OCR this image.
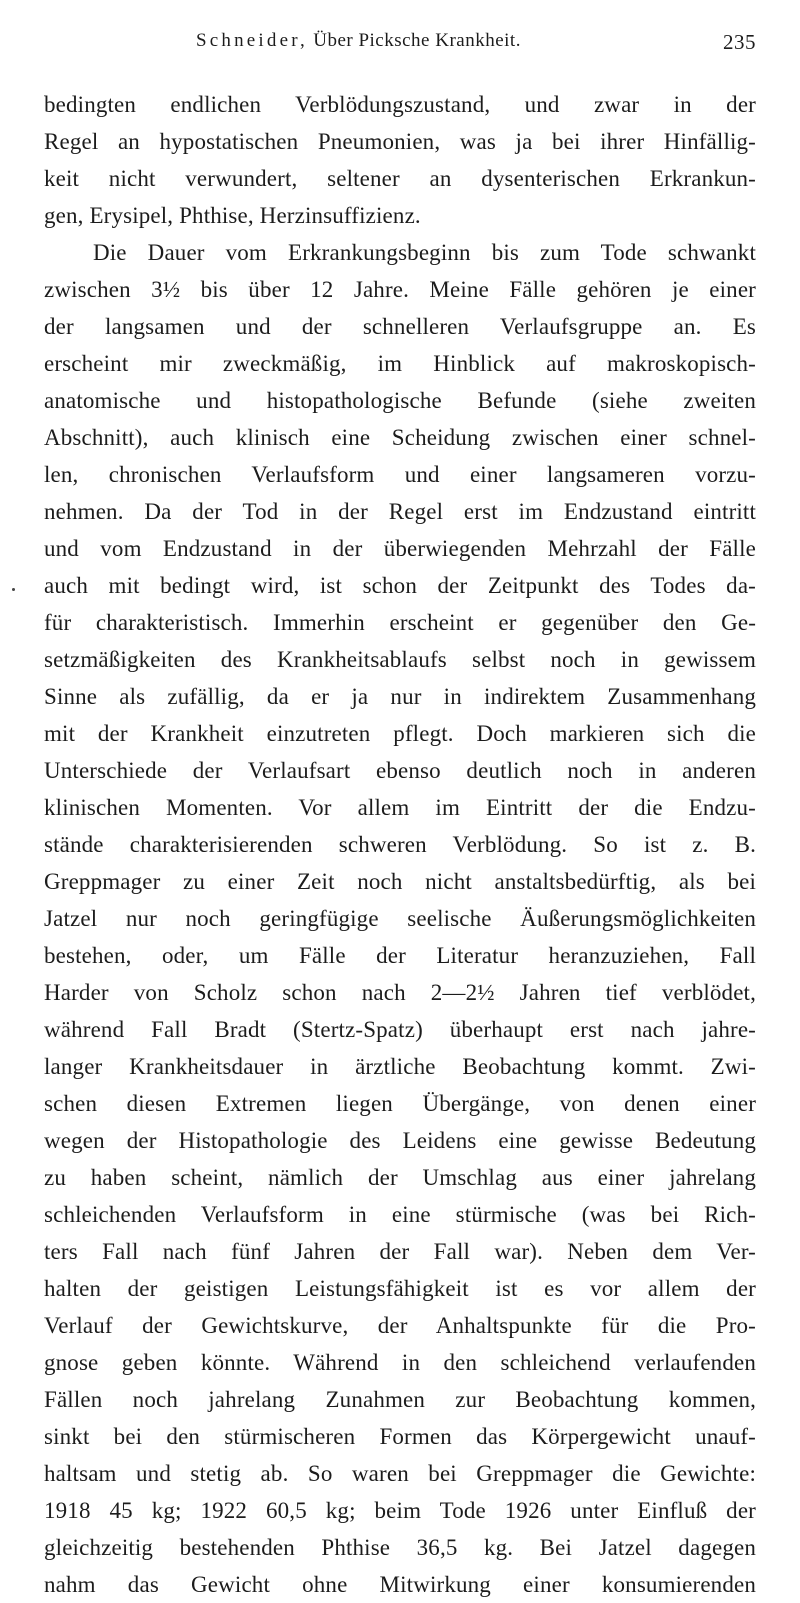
Schneider, Über Picksche Krankheit.	235
bedingten endlichen Verblödungszustand, und zwar in der
Regel an hypostatischen Pneumonien, was ja bei ihrer Hinfällig-
keit nicht verwundert, seltener an dysenterischen Erkrankun-
gen, Erysipel, Phthise, Herzinsuffizienz.
Die Dauer vom Erkrankungsbeginn bis zum Tode schwankt
zwischen 3½ bis über 12 Jahre. Meine Fälle gehören je einer
der langsamen und der schnelleren Verlaufsgruppe an. Es
erscheint mir zweckmäßig, im Hinblick auf makroskopisch-
anatomische und histopathologische Befunde (siehe zweiten
Abschnitt), auch klinisch eine Scheidung zwischen einer schnel-
len, chronischen Verlaufsform und einer langsameren vorzu-
nehmen. Da der Tod in der Regel erst im Endzustand eintritt
und vom Endzustand in der überwiegenden Mehrzahl der Fälle
auch mit bedingt wird, ist schon der Zeitpunkt des Todes da-
für charakteristisch. Immerhin erscheint er gegenüber den Ge-
setzmäßigkeiten des Krankheitsablaufs selbst noch in gewissem
Sinne als zufällig, da er ja nur in indirektem Zusammenhang
mit der Krankheit einzutreten pflegt. Doch markieren sich die
Unterschiede der Verlaufsart ebenso deutlich noch in anderen
klinischen Momenten. Vor allem im Eintritt der die Endzu-
stände charakterisierenden schweren Verblödung. So ist z. B.
Greppmager zu einer Zeit noch nicht anstaltsbedürftig, als bei
Jatzel nur noch geringfügige seelische Äußerungsmöglichkeiten
bestehen, oder, um Fälle der Literatur heranzuziehen, Fall
Harder von Scholz schon nach 2—2½ Jahren tief verblödet,
während Fall Bradt (Stertz-Spatz) überhaupt erst nach jahre-
langer Krankheitsdauer in ärztliche Beobachtung kommt. Zwi-
schen diesen Extremen liegen Übergänge, von denen einer
wegen der Histopathologie des Leidens eine gewisse Bedeutung
zu haben scheint, nämlich der Umschlag aus einer jahrelang
schleichenden Verlaufsform in eine stürmische (was bei Rich-
ters Fall nach fünf Jahren der Fall war). Neben dem Ver-
halten der geistigen Leistungsfähigkeit ist es vor allem der
Verlauf der Gewichtskurve, der Anhaltspunkte für die Pro-
gnose geben könnte. Während in den schleichend verlaufenden
Fällen noch jahrelang Zunahmen zur Beobachtung kommen,
sinkt bei den stürmischeren Formen das Körpergewicht unauf-
haltsam und stetig ab. So waren bei Greppmager die Gewichte:
1918 45 kg; 1922 60,5 kg; beim Tode 1926 unter Einfluß der
gleichzeitig bestehenden Phthise 36,5 kg. Bei Jatzel dagegen
nahm das Gewicht ohne Mitwirkung einer konsumierenden
